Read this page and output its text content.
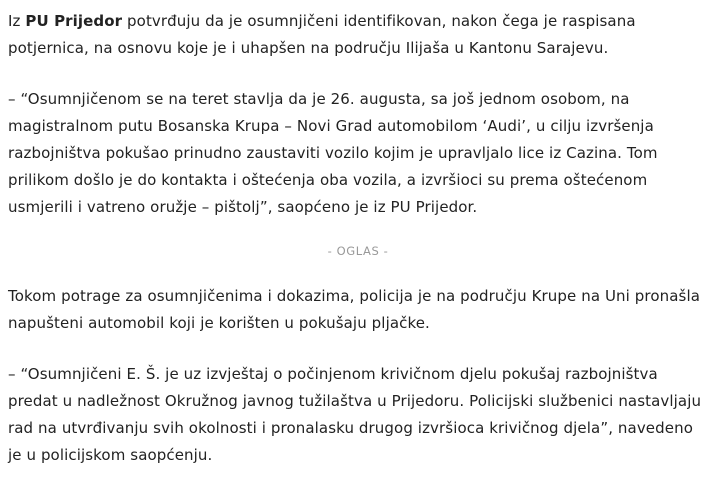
Iz PU Prijedor potvrđuju da je osumnjičeni identifikovan, nakon čega je raspisana potjernica, na osnovu koje je i uhapšen na području Ilijaša u Kantonu Sarajevu.

– “Osumnjičenom se na teret stavlja da je 26. augusta, sa još jednom osobom, na magistralnom putu Bosanska Krupa – Novi Grad automobilom ‘Audi’, u cilju izvršenja razbojništva pokušao prinudno zaustaviti vozilo kojim je upravljalo lice iz Cazina. Tom prilikom došlo je do kontakta i oštećenja oba vozila, a izvršioci su prema oštećenom usmjerili i vatreno oružje – pištolj”, saopćeno je iz PU Prijedor.

- OGLAS -

Tokom potrage za osumnjičenima i dokazima, policija je na području Krupe na Uni pronašla napušteni automobil koji je korišten u pokušaju pljačke.

– “Osumnjičeni E. Š. je uz izvještaj o počinjenom krivičnom djelu pokušaj razbojništva predat u nadležnost Okružnog javnog tužilaštva u Prijedoru. Policijski službenici nastavljaju rad na utvrđivanju svih okolnosti i pronalasku drugog izvršioca krivičnog djela”, navedeno je u policijskom saopćenju.
